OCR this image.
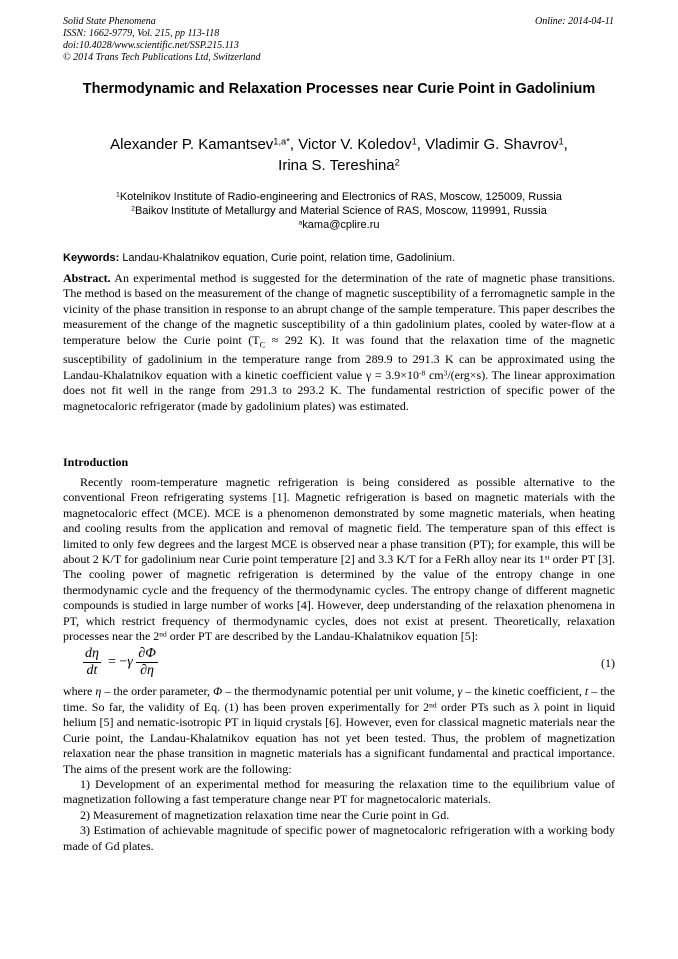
Solid State Phenomena
ISSN: 1662-9779, Vol. 215, pp 113-118
doi:10.4028/www.scientific.net/SSP.215.113
© 2014 Trans Tech Publications Ltd, Switzerland
Online: 2014-04-11
Thermodynamic and Relaxation Processes near Curie Point in Gadolinium
Alexander P. Kamantsev$^{1,a*}$, Victor V. Koledov$^1$, Vladimir G. Shavrov$^1$,
Irina S. Tereshina$^2$
$^1$Kotelnikov Institute of Radio-engineering and Electronics of RAS, Moscow, 125009, Russia
$^2$Baikov Institute of Metallurgy and Material Science of RAS, Moscow, 119991, Russia
$^a$kama@cplire.ru
Keywords: Landau-Khalatnikov equation, Curie point, relation time, Gadolinium.
Abstract. An experimental method is suggested for the determination of the rate of magnetic phase transitions. The method is based on the measurement of the change of magnetic susceptibility of a ferromagnetic sample in the vicinity of the phase transition in response to an abrupt change of the sample temperature. This paper describes the measurement of the change of the magnetic susceptibility of a thin gadolinium plates, cooled by water-flow at a temperature below the Curie point ($T_C \approx 292$ K). It was found that the relaxation time of the magnetic susceptibility of gadolinium in the temperature range from 289.9 to 291.3 K can be approximated using the Landau-Khalatnikov equation with a kinetic coefficient value $\gamma = 3.9\times 10^{-8}$ $cm^3/(erg\times s)$. The linear approximation does not fit well in the range from 291.3 to 293.2 K. The fundamental restriction of specific power of the magnetocaloric refrigerator (made by gadolinium plates) was estimated.
Introduction

Recently room-temperature magnetic refrigeration is being considered as possible alternative to the conventional Freon refrigerating systems [1]. Magnetic refrigeration is based on magnetic materials with the magnetocaloric effect (MCE). MCE is a phenomenon demonstrated by some magnetic materials, when heating and cooling results from the application and removal of magnetic field. The temperature span of this effect is limited to only few degrees and the largest MCE is observed near a phase transition (PT); for example, this will be about 2 K/T for gadolinium near Curie point temperature [2] and 3.3 K/T for a FeRh alloy near its 1st order PT [3]. The cooling power of magnetic refrigeration is determined by the value of the entropy change in one thermodynamic cycle and the frequency of the thermodynamic cycles. The entropy change of different magnetic compounds is studied in large number of works [4]. However, deep understanding of the relaxation phenomena in PT, which restrict frequency of thermodynamic cycles, does not exist at present. Theoretically, relaxation processes near the 2nd order PT are described by the Landau-Khalatnikov equation [5]:

$\frac{d\eta}{dt} = -\gamma \frac{\partial\Phi}{\partial\eta}$	(1)

where η – the order parameter, Φ – the thermodynamic potential per unit volume, γ – the kinetic coefficient, t – the time. So far, the validity of Eq. (1) has been proven experimentally for 2nd order PTs such as λ point in liquid helium [5] and nematic-isotropic PT in liquid crystals [6]. However, even for classical magnetic materials near the Curie point, the Landau-Khalatnikov equation has not yet been tested. Thus, the problem of magnetization relaxation near the phase transition in magnetic materials has a significant fundamental and practical importance. The aims of the present work are the following:

1) Development of an experimental method for measuring the relaxation time to the equilibrium value of magnetization following a fast temperature change near PT for magnetocaloric materials.

2) Measurement of magnetization relaxation time near the Curie point in Gd.

3) Estimation of achievable magnitude of specific power of magnetocaloric refrigeration with a working body made of Gd plates.
